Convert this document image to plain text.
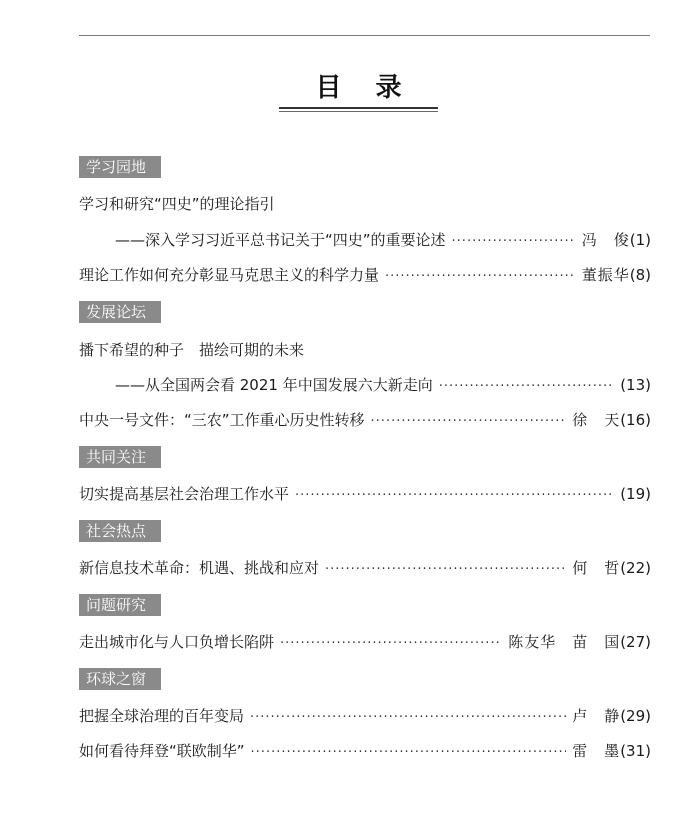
目录
学习园地
学习和研究“四史”的理论指引
——深入学习习近平总书记关于“四史”的重要论述 ·····	冯　俊 (1)
理论工作如何充分彰显马克思主义的科学力量 ·····	董振华 (8)
发展论坛
播下希望的种子　描绘可期的未来
——从全国两会看 2021 年中国发展六大新走向 ·····	(13)
中央一号文件：“三农”工作重心历史性转移 ·····	徐　天 (16)
共同关注
切实提高基层社会治理工作水平 ·····	(19)
社会热点
新信息技术革命：机遇、挑战和应对 ·····	何　哲 (22)
问题研究
走出城市化与人口负增长陷阱 ·····	陈友华　苗　国 (27)
环球之窗
把握全球治理的百年变局 ·····	卢　静 (29)
如何看待拜登“联欧制华” ·····	雷　墨 (31)
